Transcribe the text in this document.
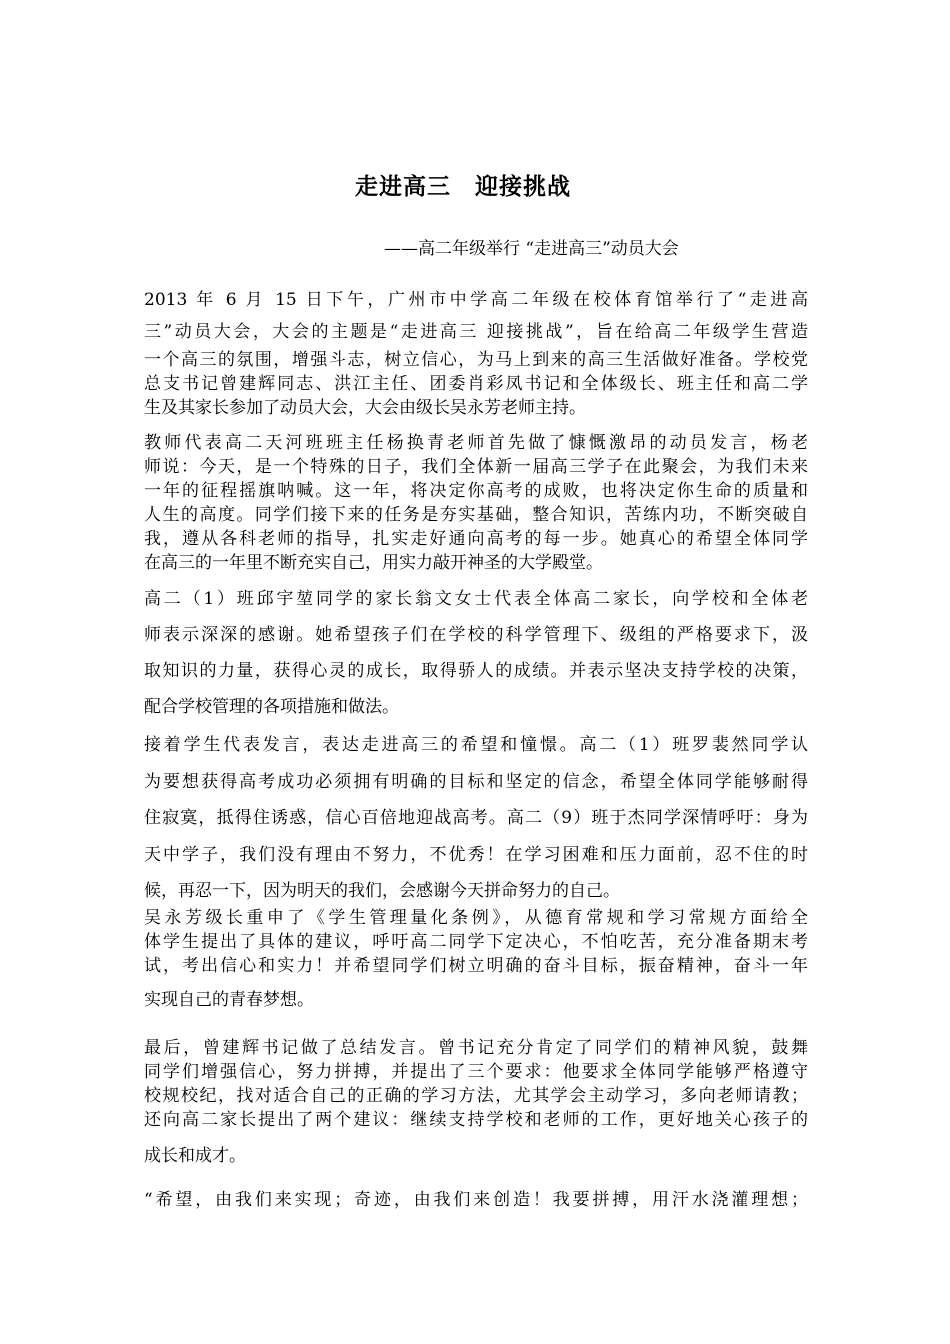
走进高三　迎接挑战
——高二年级举行 “走进高三”动员大会
2013 年 6 月 15 日下午，广州市中学高二年级在校体育馆举行了“走进高
三”动员大会，大会的主题是“走进高三 迎接挑战”，旨在给高二年级学生营造
一个高三的氛围，增强斗志，树立信心，为马上到来的高三生活做好准备。学校党
总支书记曾建辉同志、洪江主任、团委肖彩凤书记和全体级长、班主任和高二学
生及其家长参加了动员大会，大会由级长吴永芳老师主持。
教师代表高二天河班班主任杨换青老师首先做了慷慨激昂的动员发言，杨老
师说：今天，是一个特殊的日子，我们全体新一届高三学子在此聚会，为我们未来
一年的征程摇旗呐喊。这一年，将决定你高考的成败，也将决定你生命的质量和
人生的高度。同学们接下来的任务是夯实基础，整合知识，苦练内功，不断突破自
我，遵从各科老师的指导，扎实走好通向高考的每一步。她真心的希望全体同学
在高三的一年里不断充实自己，用实力敲开神圣的大学殿堂。
高二（1）班邱宇堃同学的家长翁文女士代表全体高二家长，向学校和全体老
师表示深深的感谢。她希望孩子们在学校的科学管理下、级组的严格要求下，汲
取知识的力量，获得心灵的成长，取得骄人的成绩。并表示坚决支持学校的决策，
配合学校管理的各项措施和做法。
接着学生代表发言，表达走进高三的希望和憧憬。高二（1）班罗裴然同学认
为要想获得高考成功必须拥有明确的目标和坚定的信念，希望全体同学能够耐得
住寂寞，抵得住诱惑，信心百倍地迎战高考。高二（9）班于杰同学深情呼吁：身为
天中学子，我们没有理由不努力，不优秀！在学习困难和压力面前，忍不住的时
候，再忍一下，因为明天的我们，会感谢今天拼命努力的自己。
吴永芳级长重申了《学生管理量化条例》，从德育常规和学习常规方面给全
体学生提出了具体的建议，呼吁高二同学下定决心，不怕吃苦，充分准备期末考
试，考出信心和实力！并希望同学们树立明确的奋斗目标，振奋精神，奋斗一年
实现自己的青春梦想。
最后，曾建辉书记做了总结发言。曾书记充分肯定了同学们的精神风貌，鼓舞
同学们增强信心，努力拼搏，并提出了三个要求：他要求全体同学能够严格遵守
校规校纪，找对适合自己的正确的学习方法，尤其学会主动学习，多向老师请教；
还向高二家长提出了两个建议：继续支持学校和老师的工作，更好地关心孩子的
成长和成才。
“希望，由我们来实现；奇迹，由我们来创造！我要拼搏，用汗水浇灌理想；
